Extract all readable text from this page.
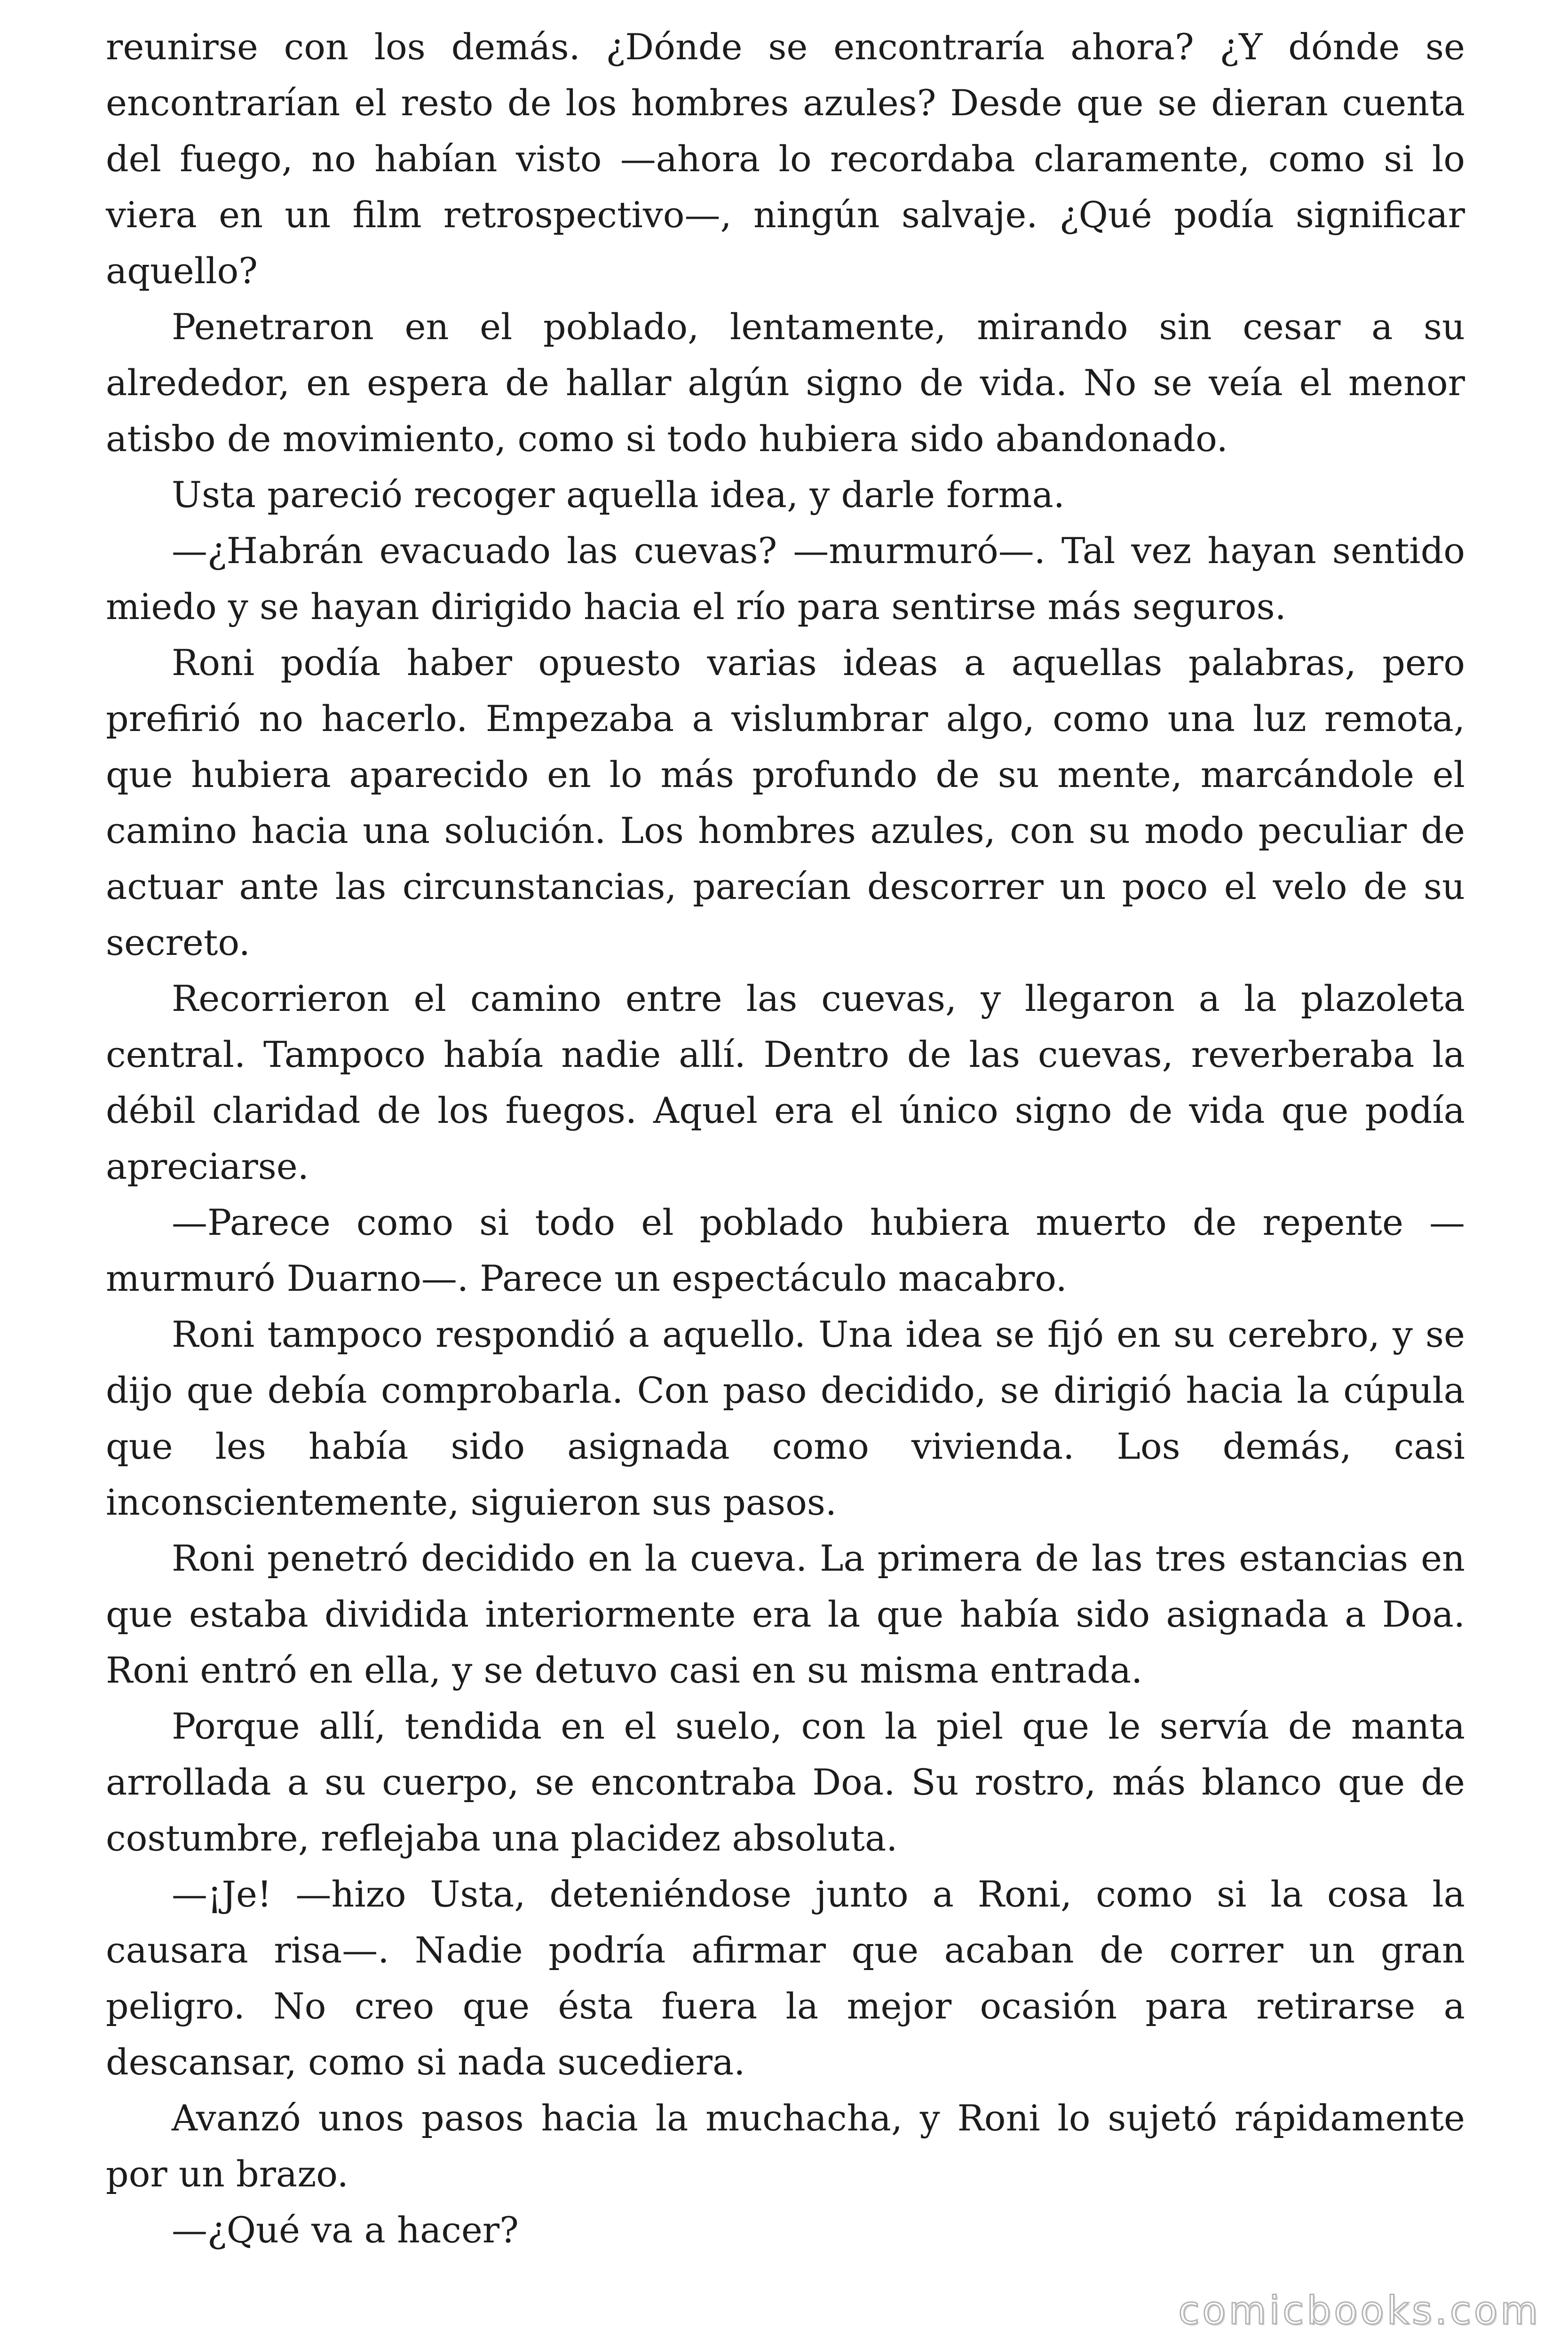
reunirse con los demás. ¿Dónde se encontraría ahora? ¿Y dónde se encontrarían el resto de los hombres azules? Desde que se dieran cuenta del fuego, no habían visto —ahora lo recordaba claramente, como si lo viera en un film retrospectivo—, ningún salvaje. ¿Qué podía significar aquello?

Penetraron en el poblado, lentamente, mirando sin cesar a su alrededor, en espera de hallar algún signo de vida. No se veía el menor atisbo de movimiento, como si todo hubiera sido abandonado.

Usta pareció recoger aquella idea, y darle forma.

—¿Habrán evacuado las cuevas? —murmuró—. Tal vez hayan sentido miedo y se hayan dirigido hacia el río para sentirse más seguros.

Roni podía haber opuesto varias ideas a aquellas palabras, pero prefirió no hacerlo. Empezaba a vislumbrar algo, como una luz remota, que hubiera aparecido en lo más profundo de su mente, marcándole el camino hacia una solución. Los hombres azules, con su modo peculiar de actuar ante las circunstancias, parecían descorrer un poco el velo de su secreto.

Recorrieron el camino entre las cuevas, y llegaron a la plazoleta central. Tampoco había nadie allí. Dentro de las cuevas, reverberaba la débil claridad de los fuegos. Aquel era el único signo de vida que podía apreciarse.

—Parece como si todo el poblado hubiera muerto de repente —murmuró Duarno—. Parece un espectáculo macabro.

Roni tampoco respondió a aquello. Una idea se fijó en su cerebro, y se dijo que debía comprobarla. Con paso decidido, se dirigió hacia la cúpula que les había sido asignada como vivienda. Los demás, casi inconscientemente, siguieron sus pasos.

Roni penetró decidido en la cueva. La primera de las tres estancias en que estaba dividida interiormente era la que había sido asignada a Doa. Roni entró en ella, y se detuvo casi en su misma entrada.

Porque allí, tendida en el suelo, con la piel que le servía de manta arrollada a su cuerpo, se encontraba Doa. Su rostro, más blanco que de costumbre, reflejaba una placidez absoluta.

—¡Je! —hizo Usta, deteniéndose junto a Roni, como si la cosa la causara risa—. Nadie podría afirmar que acaban de correr un gran peligro. No creo que ésta fuera la mejor ocasión para retirarse a descansar, como si nada sucediera.

Avanzó unos pasos hacia la muchacha, y Roni lo sujetó rápidamente por un brazo.

—¿Qué va a hacer?

comicbooks.com
